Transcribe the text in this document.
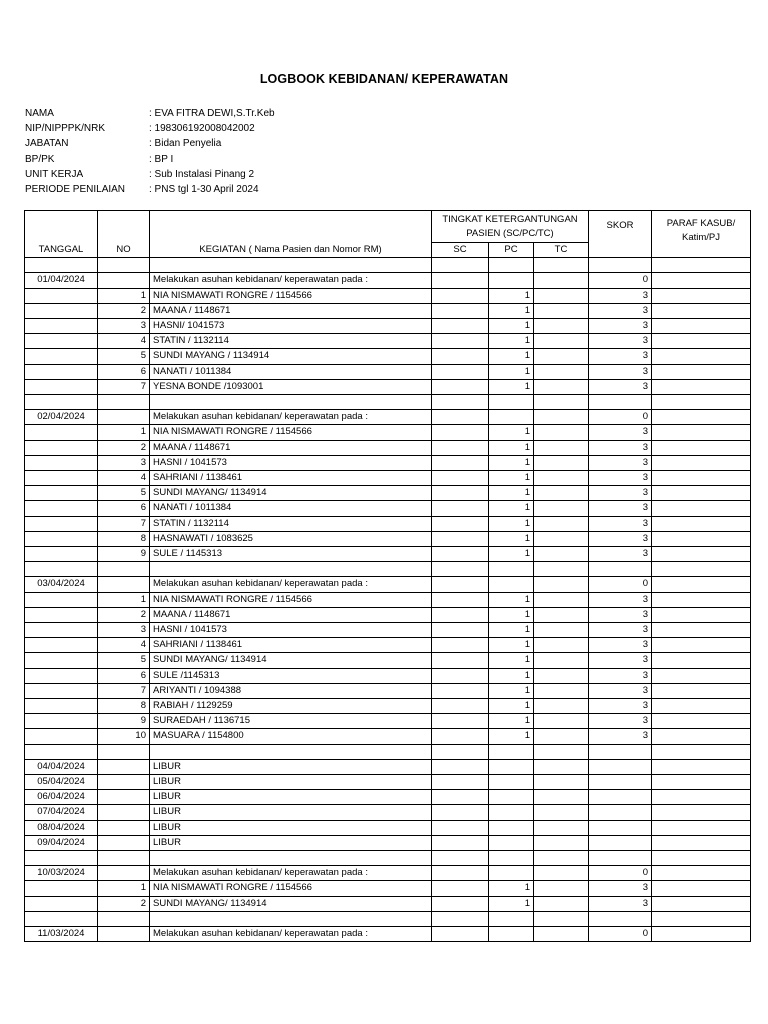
LOGBOOK KEBIDANAN/ KEPERAWATAN
NAMA	: EVA FITRA DEWI,S.Tr.Keb
NIP/NIPPPK/NRK	: 198306192008042002
JABATAN	: Bidan Penyelia
BP/PK	: BP I
UNIT KERJA	: Sub Instalasi Pinang 2
PERIODE PENILAIAN : PNS tgl 1-30 April 2024
TANGGAL	NO	KEGIATAN ( Nama Pasien dan Nomor RM)	TINGKAT KETERGANTUNGAN PASIEN (SC/PC/TC)			SKOR	PARAF KASUB/ Katim/PJ
			SC	PC	TC		

01/04/2024		Melakukan asuhan kebidanan/ keperawatan pada :				0	
	1	NIA NISMAWATI RONGRE / 1154566		1		3	
	2	MAANA / 1148671		1		3	
	3	HASNI/ 1041573		1		3	
	4	STATIN / 1132114		1		3	
	5	SUNDI MAYANG / 1134914		1		3	
	6	NANATI / 1011384		1		3	
	7	YESNA BONDE /1093001		1		3	

02/04/2024		Melakukan asuhan kebidanan/ keperawatan pada :				0	
	1	NIA NISMAWATI RONGRE / 1154566		1		3	
	2	MAANA / 1148671		1		3	
	3	HASNI / 1041573		1		3	
	4	SAHRIANI / 1138461		1		3	
	5	SUNDI MAYANG/ 1134914		1		3	
	6	NANATI / 1011384		1		3	
	7	STATIN / 1132114		1		3	
	8	HASNAWATI / 1083625		1		3	
	9	SULE / 1145313		1		3	

03/04/2024		Melakukan asuhan kebidanan/ keperawatan pada :				0	
	1	NIA NISMAWATI RONGRE / 1154566		1		3	
	2	MAANA / 1148671		1		3	
	3	HASNI / 1041573		1		3	
	4	SAHRIANI / 1138461		1		3	
	5	SUNDI MAYANG/ 1134914		1		3	
	6	SULE /1145313		1		3	
	7	ARIYANTI / 1094388		1		3	
	8	RABIAH / 1129259		1		3	
	9	SURAEDAH / 1136715		1		3	
	10	MASUARA / 1154800		1		3	

04/04/2024		LIBUR					
05/04/2024		LIBUR					
06/04/2024		LIBUR					
07/04/2024		LIBUR					
08/04/2024		LIBUR					
09/04/2024		LIBUR					

10/03/2024		Melakukan asuhan kebidanan/ keperawatan pada :				0	
	1	NIA NISMAWATI RONGRE / 1154566		1		3	
	2	SUNDI MAYANG/ 1134914		1		3	

11/03/2024		Melakukan asuhan kebidanan/ keperawatan pada :				0	
